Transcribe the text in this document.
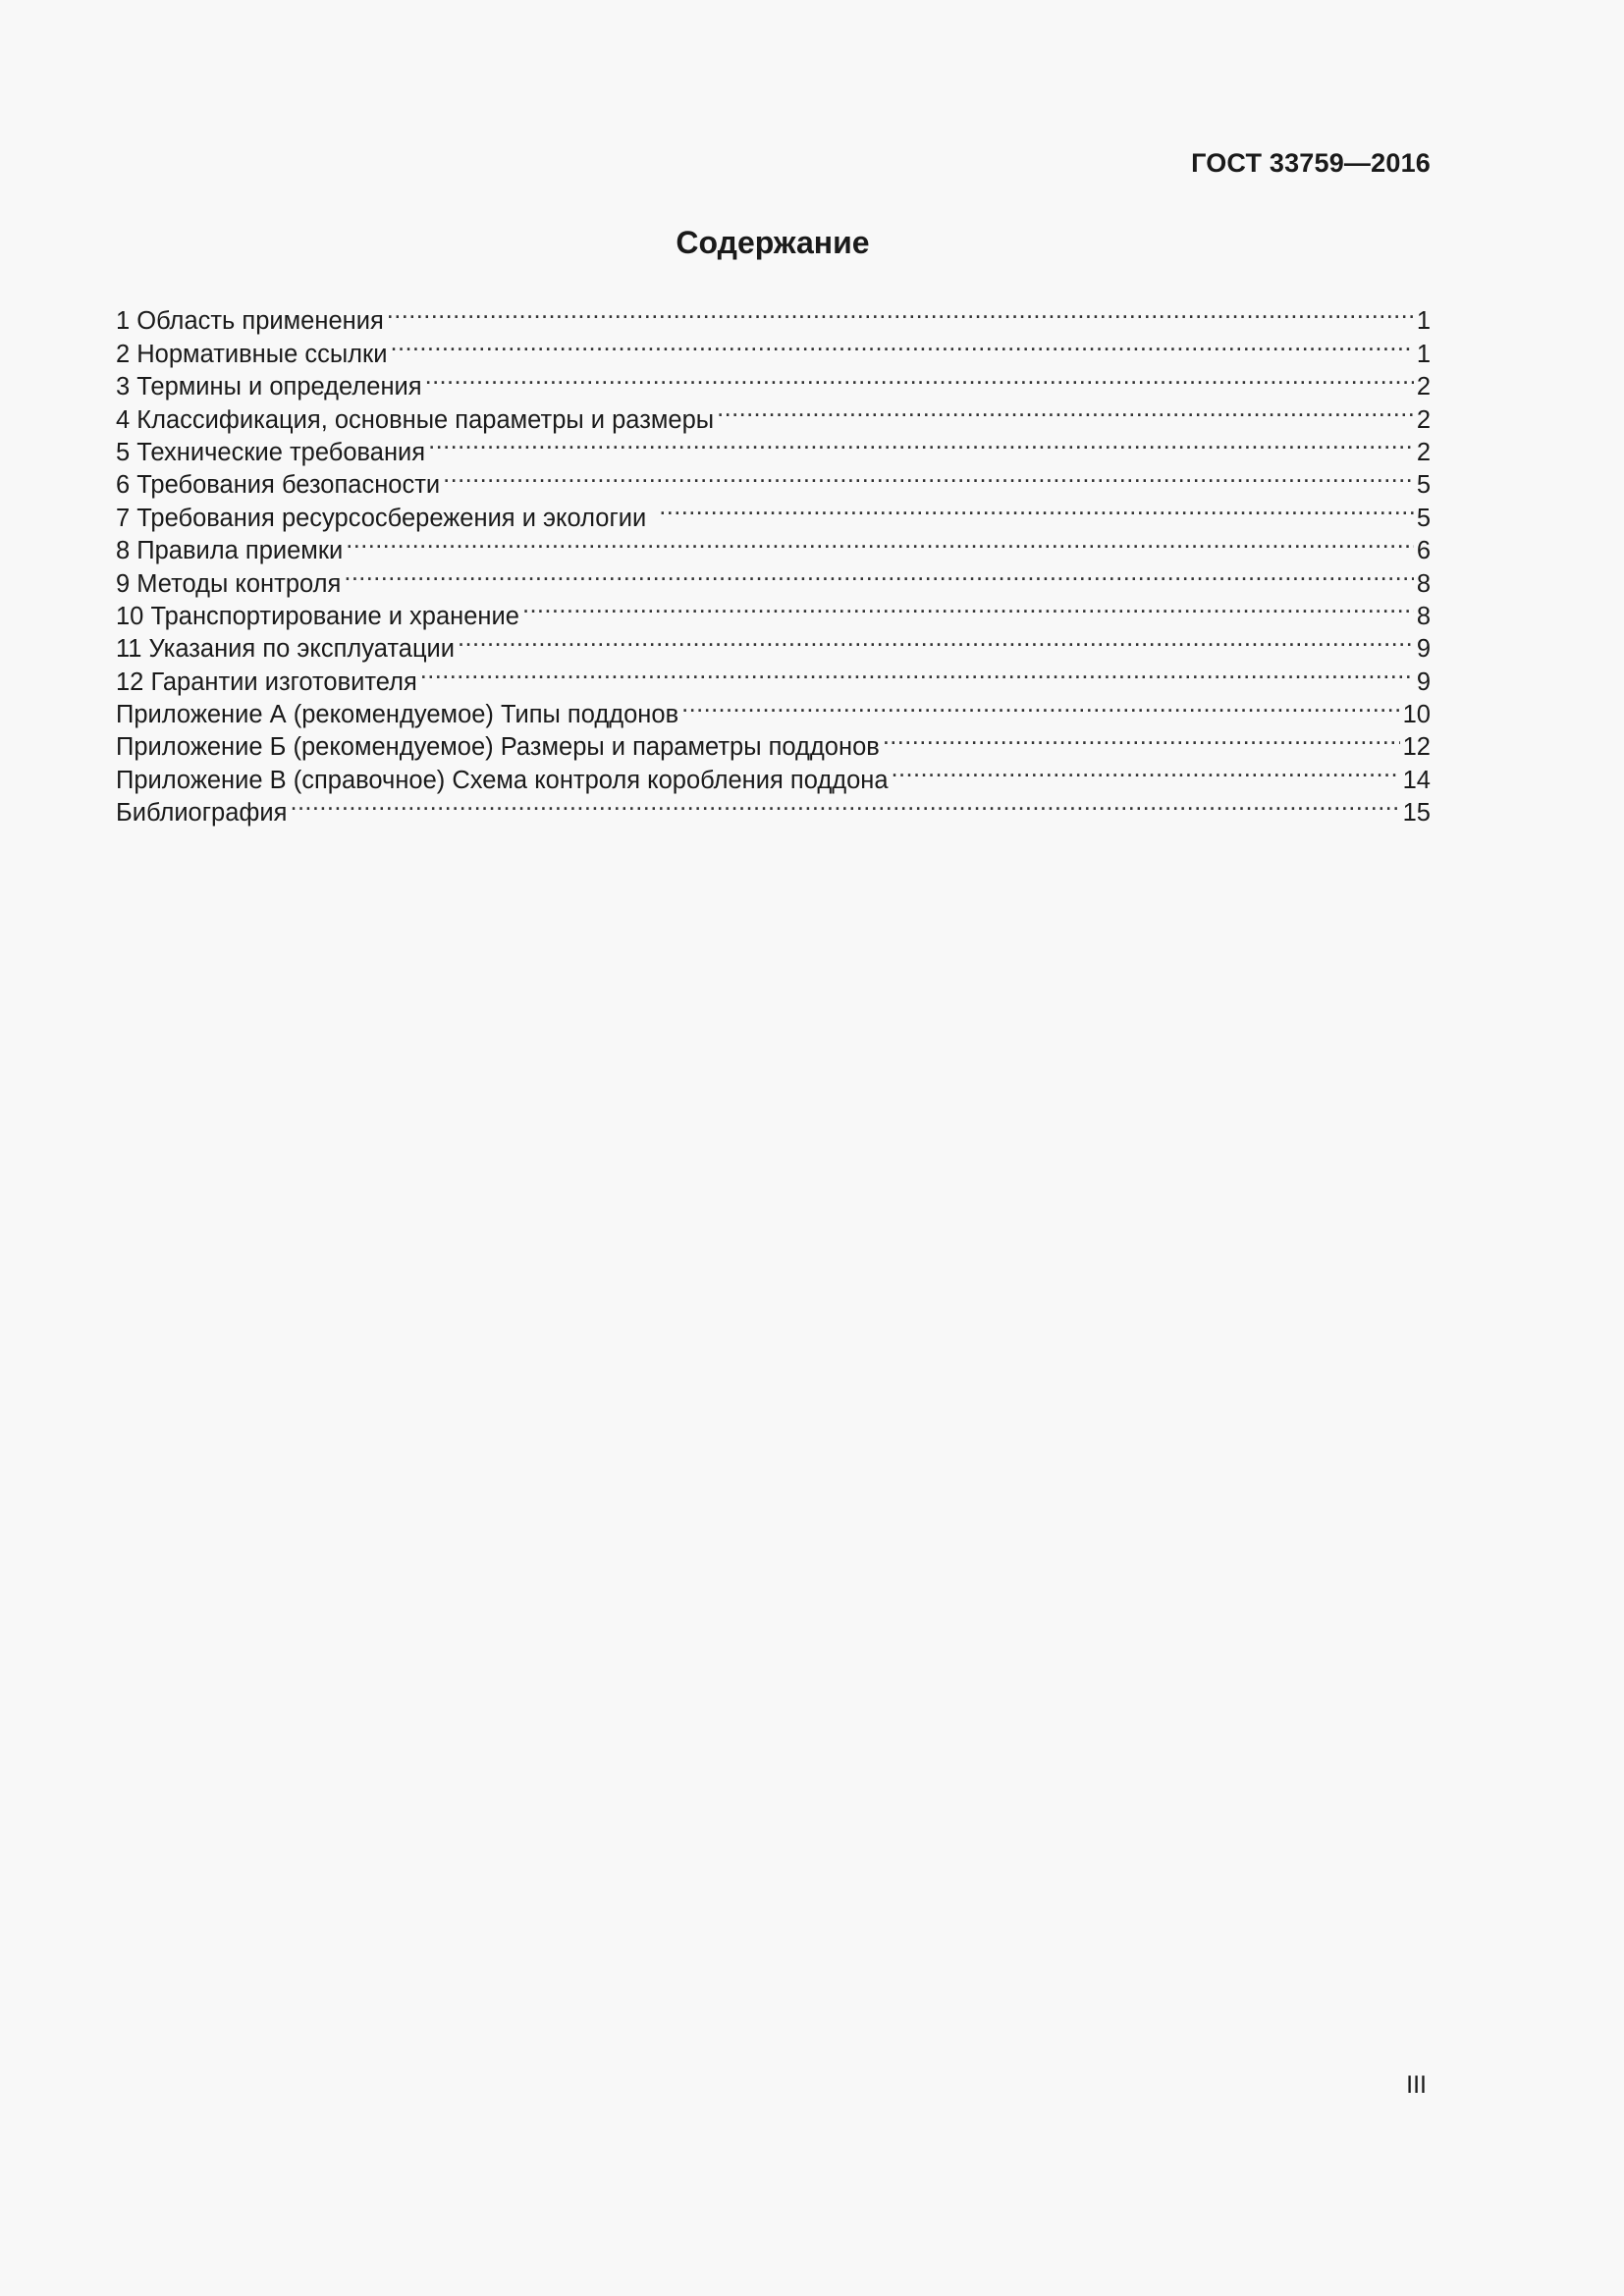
ГОСТ 33759—2016
Содержание
1 Область применения .....	1
2 Нормативные ссылки .....	1
3 Термины и определения .....	2
4 Классификация, основные параметры и размеры .....	2
5 Технические требования .....	2
6 Требования безопасности .....	5
7 Требования ресурсосбережения и экологии .....	5
8 Правила приемки .....	6
9 Методы контроля .....	8
10 Транспортирование и хранение .....	8
11 Указания по эксплуатации .....	9
12 Гарантии изготовителя .....	9
Приложение А (рекомендуемое) Типы поддонов .....	10
Приложение Б (рекомендуемое) Размеры и параметры поддонов .....	12
Приложение В (справочное) Схема контроля коробления поддона .....	14
Библиография .....	15
III
